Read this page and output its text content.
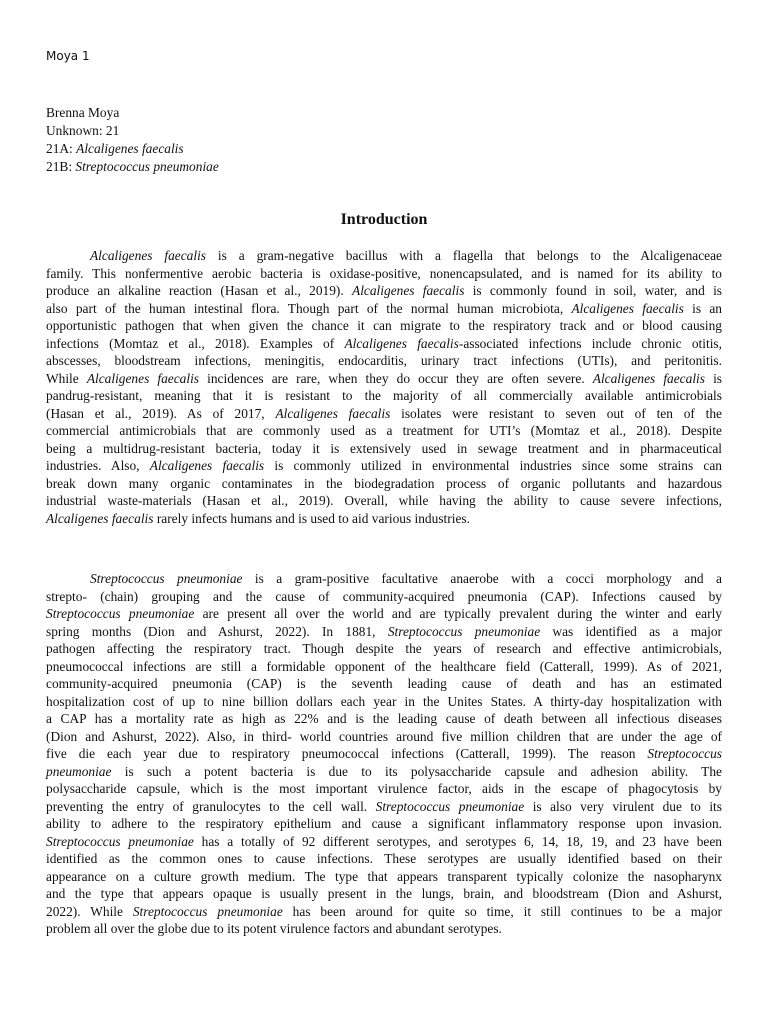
Moya 1
Brenna Moya
Unknown: 21
21A: Alcaligenes faecalis
21B: Streptococcus pneumoniae
Introduction
Alcaligenes faecalis is a gram-negative bacillus with a flagella that belongs to the Alcaligenaceae
family. This nonfermentive aerobic bacteria is oxidase-positive, nonencapsulated, and is named for its ability to
produce an alkaline reaction (Hasan et al., 2019). Alcaligenes faecalis is commonly found in soil, water, and is
also part of the human intestinal flora. Though part of the normal human microbiota, Alcaligenes faecalis is an
opportunistic pathogen that when given the chance it can migrate to the respiratory track and or blood causing
infections (Momtaz et al., 2018). Examples of Alcaligenes faecalis-associated infections include chronic otitis,
abscesses, bloodstream infections, meningitis, endocarditis, urinary tract infections (UTIs), and peritonitis.
While Alcaligenes faecalis incidences are rare, when they do occur they are often severe. Alcaligenes faecalis is
pandrug-resistant, meaning that it is resistant to the majority of all commercially available antimicrobials
(Hasan et al., 2019). As of 2017, Alcaligenes faecalis isolates were resistant to seven out of ten of the
commercial antimicrobials that are commonly used as a treatment for UTI’s (Momtaz et al., 2018). Despite
being a multidrug-resistant bacteria, today it is extensively used in sewage treatment and in pharmaceutical
industries. Also, Alcaligenes faecalis is commonly utilized in environmental industries since some strains can
break down many organic contaminates in the biodegradation process of organic pollutants and hazardous
industrial waste-materials (Hasan et al., 2019). Overall, while having the ability to cause severe infections,
Alcaligenes faecalis rarely infects humans and is used to aid various industries.
Streptococcus pneumoniae is a gram-positive facultative anaerobe with a cocci morphology and a
strepto- (chain) grouping and the cause of community-acquired pneumonia (CAP). Infections caused by
Streptococcus pneumoniae are present all over the world and are typically prevalent during the winter and early
spring months (Dion and Ashurst, 2022). In 1881, Streptococcus pneumoniae was identified as a major
pathogen affecting the respiratory tract. Though despite the years of research and effective antimicrobials,
pneumococcal infections are still a formidable opponent of the healthcare field (Catterall, 1999). As of 2021,
community-acquired pneumonia (CAP) is the seventh leading cause of death and has an estimated
hospitalization cost of up to nine billion dollars each year in the Unites States. A thirty-day hospitalization with
a CAP has a mortality rate as high as 22% and is the leading cause of death between all infectious diseases
(Dion and Ashurst, 2022). Also, in third- world countries around five million children that are under the age of
five die each year due to respiratory pneumococcal infections (Catterall, 1999). The reason Streptococcus
pneumoniae is such a potent bacteria is due to its polysaccharide capsule and adhesion ability. The
polysaccharide capsule, which is the most important virulence factor, aids in the escape of phagocytosis by
preventing the entry of granulocytes to the cell wall. Streptococcus pneumoniae is also very virulent due to its
ability to adhere to the respiratory epithelium and cause a significant inflammatory response upon invasion.
Streptococcus pneumoniae has a totally of 92 different serotypes, and serotypes 6, 14, 18, 19, and 23 have been
identified as the common ones to cause infections. These serotypes are usually identified based on their
appearance on a culture growth medium. The type that appears transparent typically colonize the nasopharynx
and the type that appears opaque is usually present in the lungs, brain, and bloodstream (Dion and Ashurst,
2022). While Streptococcus pneumoniae has been around for quite so time, it still continues to be a major
problem all over the globe due to its potent virulence factors and abundant serotypes.
